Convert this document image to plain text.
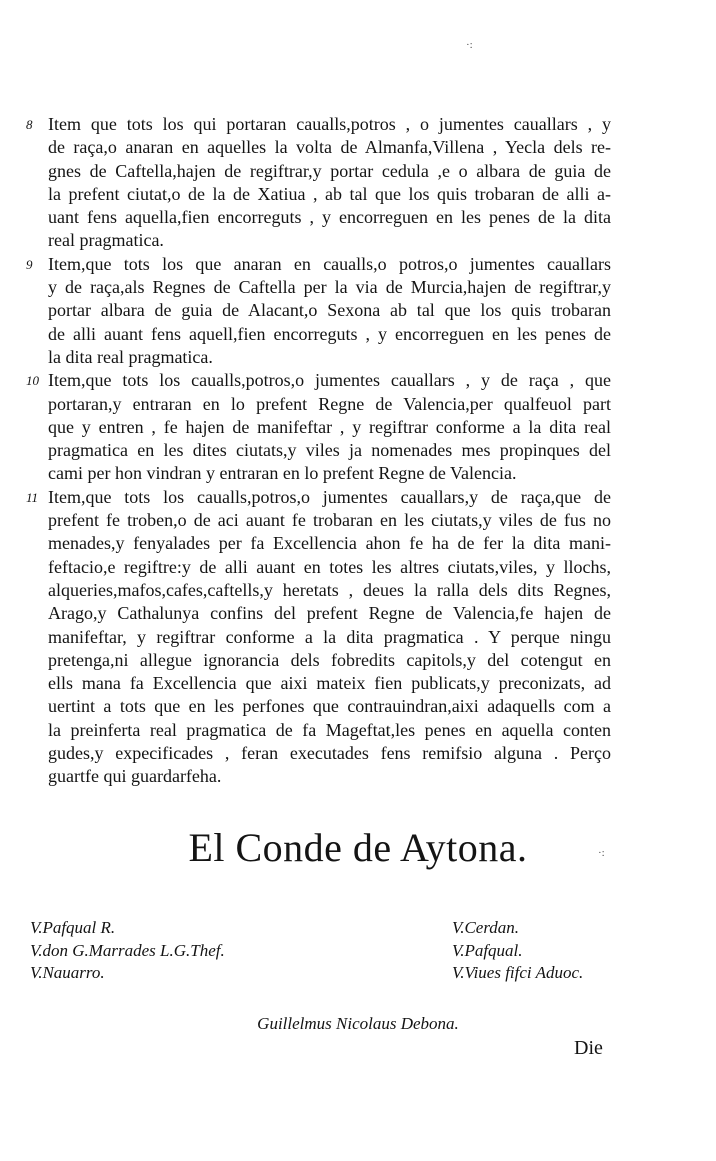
·:
·:
8 Item que tots los qui portaran caualls,potros , o jumentes cauallars , y
de raça,o anaran en aquelles la volta de Almanfa,Villena , Yecla dels re-
gnes de Caftella,hajen de regiftrar,y portar cedula ,e o albara de guia de
la prefent ciutat,o de la de Xatiua , ab tal que los quis trobaran de alli a-
uant fens aquella,fien encorreguts , y encorreguen en les penes de la dita
real pragmatica.
9 Item,que tots los que anaran en caualls,o potros,o jumentes cauallars
y de raça,als Regnes de Caftella per la via de Murcia,hajen de regiftrar,y
portar albara de guia de Alacant,o Sexona ab tal que los quis trobaran
de alli auant fens aquell,fien encorreguts , y encorreguen en les penes de
la dita real pragmatica.
10 Item,que tots los caualls,potros,o jumentes cauallars , y de raça , que
portaran,y entraran en lo prefent Regne de Valencia,per qualfeuol part
que y entren , fe hajen de manifeftar , y regiftrar conforme a la dita real
pragmatica en les dites ciutats,y viles ja nomenades mes propinques del
cami per hon vindran y entraran en lo prefent Regne de Valencia.
11 Item,que tots los caualls,potros,o jumentes cauallars,y de raça,que de
prefent fe troben,o de aci auant fe trobaran en les ciutats,y viles de fus no
menades,y fenyalades per fa Excellencia ahon fe ha de fer la dita mani-
feftacio,e regiftre:y de alli auant en totes les altres ciutats,viles, y llochs,
alqueries,mafos,cafes,caftells,y heretats , deues la ralla dels dits Regnes,
Arago,y Cathalunya confins del prefent Regne de Valencia,fe hajen de
manifeftar, y regiftrar conforme a la dita pragmatica . Y perque ningu
pretenga,ni allegue ignorancia dels fobredits capitols,y del cotengut en
ells mana fa Excellencia que aixi mateix fien publicats,y preconizats, ad
uertint a tots que en les perfones que contrauindran,aixi adaquells com a
la preinferta real pragmatica de fa Mageftat,les penes en aquella conten
gudes,y expecificades , feran executades fens remifsio alguna . Perço
guartfe qui guardarfeha.
El Conde de Aytona.
V.Pafqual R.
V.don G.Marrades L.G.Thef.
V.Nauarro.
V.Cerdan.
V.Pafqual.
V.Viues fifci Aduoc.
Guillelmus Nicolaus Debona.
Die
